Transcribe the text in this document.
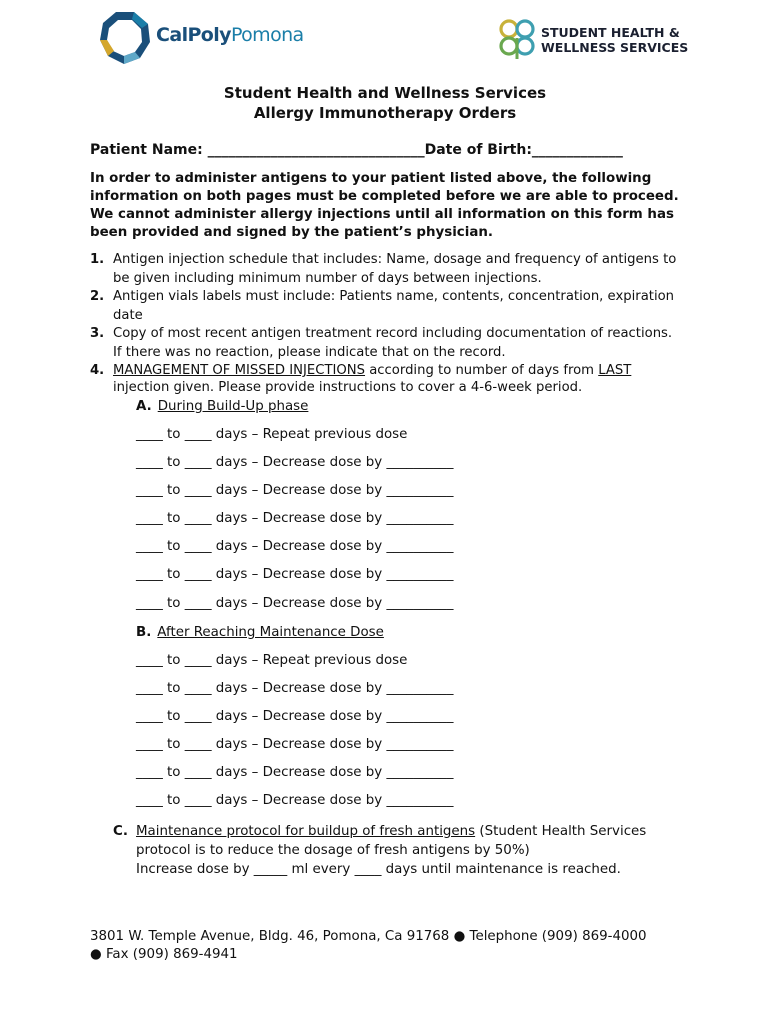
CalPolyPomona	STUDENT HEALTH &
WELLNESS SERVICES
Student Health and Wellness Services
Allergy Immunotherapy Orders
Patient Name: _______________________________Date of Birth:_____________
In order to administer antigens to your patient listed above, the following information on both pages must be completed before we are able to proceed. We cannot administer allergy injections until all information on this form has been provided and signed by the patient’s physician.
1. Antigen injection schedule that includes: Name, dosage and frequency of antigens to be given including minimum number of days between injections.
2. Antigen vials labels must include: Patients name, contents, concentration, expiration date
3. Copy of most recent antigen treatment record including documentation of reactions. If there was no reaction, please indicate that on the record.
4. MANAGEMENT OF MISSED INJECTIONS according to number of days from LAST injection given. Please provide instructions to cover a 4-6-week period.
A. During Build-Up phase
____ to ____ days – Repeat previous dose
____ to ____ days – Decrease dose by __________
____ to ____ days – Decrease dose by __________
____ to ____ days – Decrease dose by __________
____ to ____ days – Decrease dose by __________
____ to ____ days – Decrease dose by __________
____ to ____ days – Decrease dose by __________
B. After Reaching Maintenance Dose
____ to ____ days – Repeat previous dose
____ to ____ days – Decrease dose by __________
____ to ____ days – Decrease dose by __________
____ to ____ days – Decrease dose by __________
____ to ____ days – Decrease dose by __________
____ to ____ days – Decrease dose by __________
C. Maintenance protocol for buildup of fresh antigens (Student Health Services protocol is to reduce the dosage of fresh antigens by 50%)
Increase dose by _____ ml every ____ days until maintenance is reached.
3801 W. Temple Avenue, Bldg. 46, Pomona, Ca 91768 ● Telephone (909) 869-4000
● Fax (909) 869-4941
